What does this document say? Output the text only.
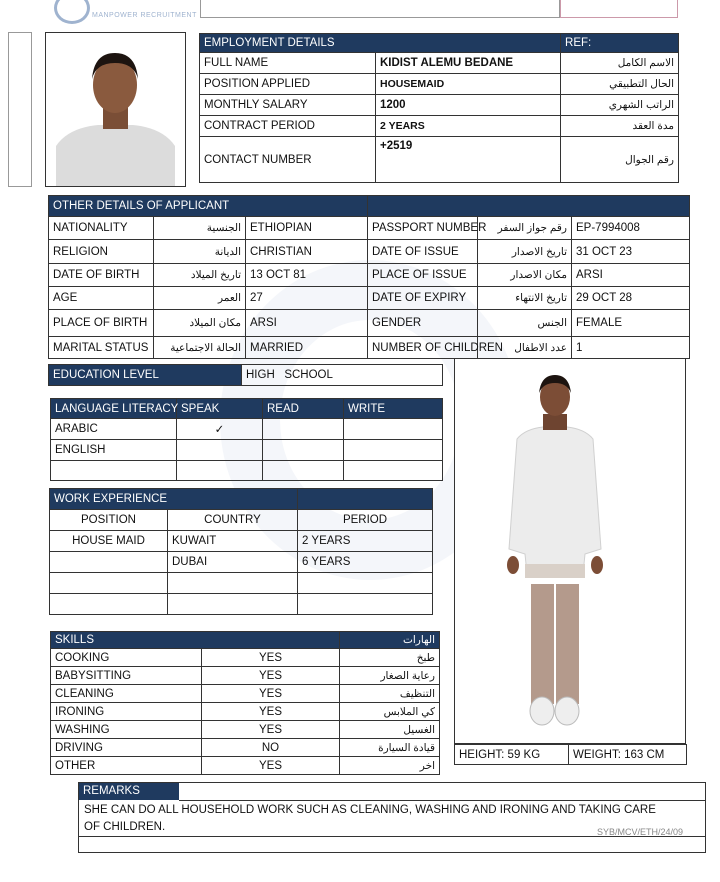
MANPOWER RECRUITMENT
EMPLOYMENT DETAILS		REF:
FULL NAME	KIDIST ALEMU BEDANE	الاسم الكامل
POSITION APPLIED	HOUSEMAID	الحال التطبيقي
MONTHLY SALARY	1200	الراتب الشهري
CONTRACT PERIOD	2 YEARS	مدة العقد
CONTACT NUMBER	+2519	رقم الجوال
OTHER DETAILS OF APPLICANT					
NATIONALITY	الجنسية	ETHIOPIAN	PASSPORT NUMBER	رقم جواز السفر	EP-7994008
RELIGION	الديانة	CHRISTIAN	DATE OF ISSUE	تاريخ الاصدار	31 OCT 23
DATE OF BIRTH	تاريخ الميلاد	13 OCT 81	PLACE OF ISSUE	مكان الاصدار	ARSI
AGE	العمر	27	DATE OF EXPIRY	تاريخ الانتهاء	29 OCT 28
PLACE OF BIRTH	مكان الميلاد	ARSI	GENDER	الجنس	FEMALE
MARITAL STATUS	الحالة الاجتماعية	MARRIED	NUMBER OF CHILDREN	عدد الاطفال	1
EDUCATION LEVEL	HIGH   SCHOOL
LANGUAGE LITERACY	SPEAK	READ	WRITE
ARABIC	✓		
ENGLISH			

WORK EXPERIENCE		
POSITION	COUNTRY	PERIOD
HOUSE MAID	KUWAIT	2 YEARS
	DUBAI	6 YEARS

SKILLS		الهارات
COOKING	YES	طبخ
BABYSITTING	YES	رعاية الصغار
CLEANING	YES	التنظيف
IRONING	YES	كي الملابس
WASHING	YES	الغسيل
DRIVING	NO	قيادة السيارة
OTHER	YES	اخر
HEIGHT: 59 KG	WEIGHT: 163 CM
REMARKS
SHE CAN DO ALL HOUSEHOLD WORK SUCH AS CLEANING, WASHING AND IRONING AND TAKING CARE OF CHILDREN.	SYB/MCV/ETH/24/09
